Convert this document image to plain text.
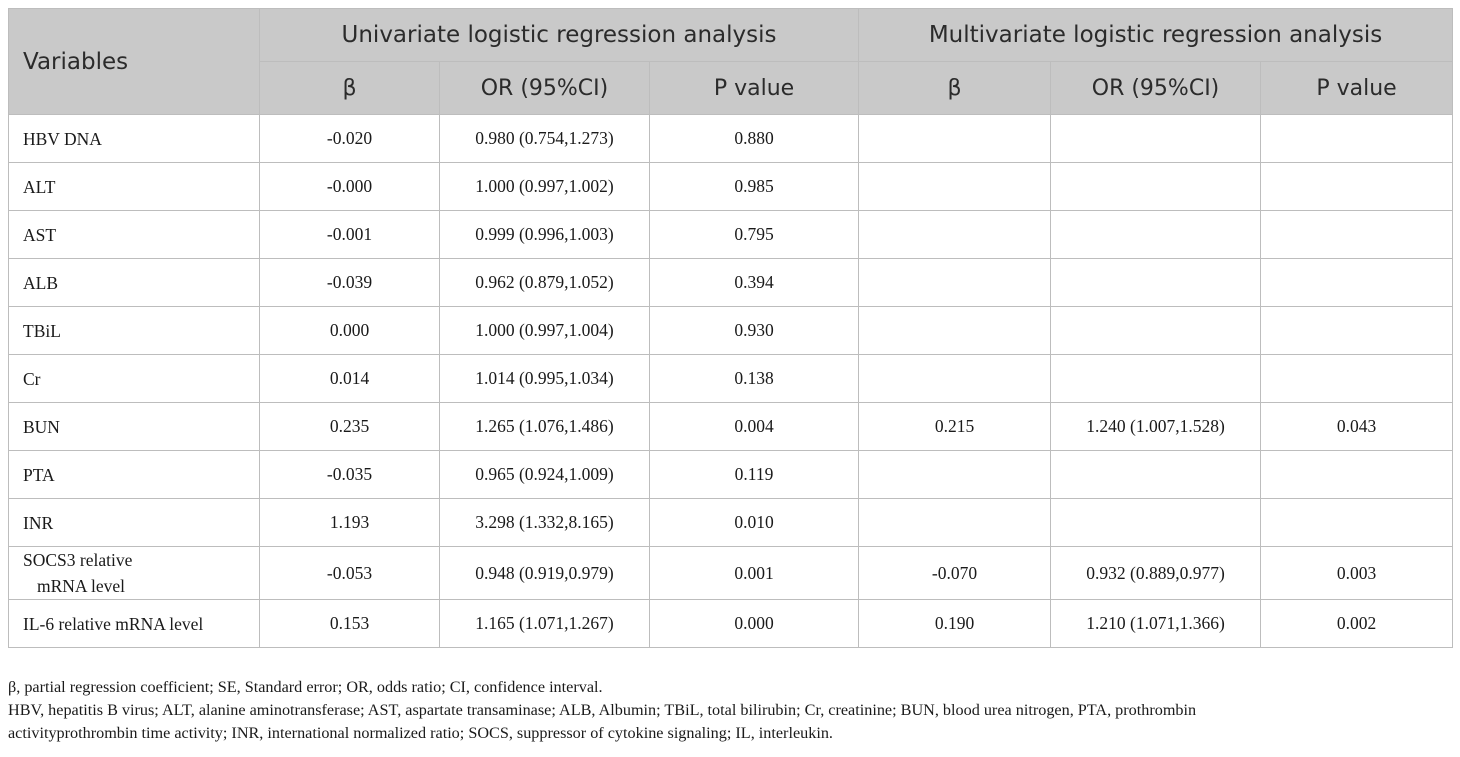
Variables	Univariate logistic regression analysis			Multivariate logistic regression analysis		
	β	OR (95%CI)	P value	β	OR (95%CI)	P value
HBV DNA	-0.020	0.980 (0.754,1.273)	0.880			
ALT	-0.000	1.000 (0.997,1.002)	0.985			
AST	-0.001	0.999 (0.996,1.003)	0.795			
ALB	-0.039	0.962 (0.879,1.052)	0.394			
TBiL	0.000	1.000 (0.997,1.004)	0.930			
Cr	0.014	1.014 (0.995,1.034)	0.138			
BUN	0.235	1.265 (1.076,1.486)	0.004	0.215	1.240 (1.007,1.528)	0.043
PTA	-0.035	0.965 (0.924,1.009)	0.119			
INR	1.193	3.298 (1.332,8.165)	0.010			
SOCS3 relative
mRNA level	-0.053	0.948 (0.919,0.979)	0.001	-0.070	0.932 (0.889,0.977)	0.003
IL-6 relative mRNA level	0.153	1.165 (1.071,1.267)	0.000	0.190	1.210 (1.071,1.366)	0.002

β, partial regression coefficient; SE, Standard error; OR, odds ratio; CI, confidence interval.

HBV, hepatitis B virus; ALT, alanine aminotransferase; AST, aspartate transaminase; ALB, Albumin; TBiL, total bilirubin; Cr, creatinine; BUN, blood urea nitrogen, PTA, prothrombin

activityprothrombin time activity; INR, international normalized ratio; SOCS, suppressor of cytokine signaling; IL, interleukin.
